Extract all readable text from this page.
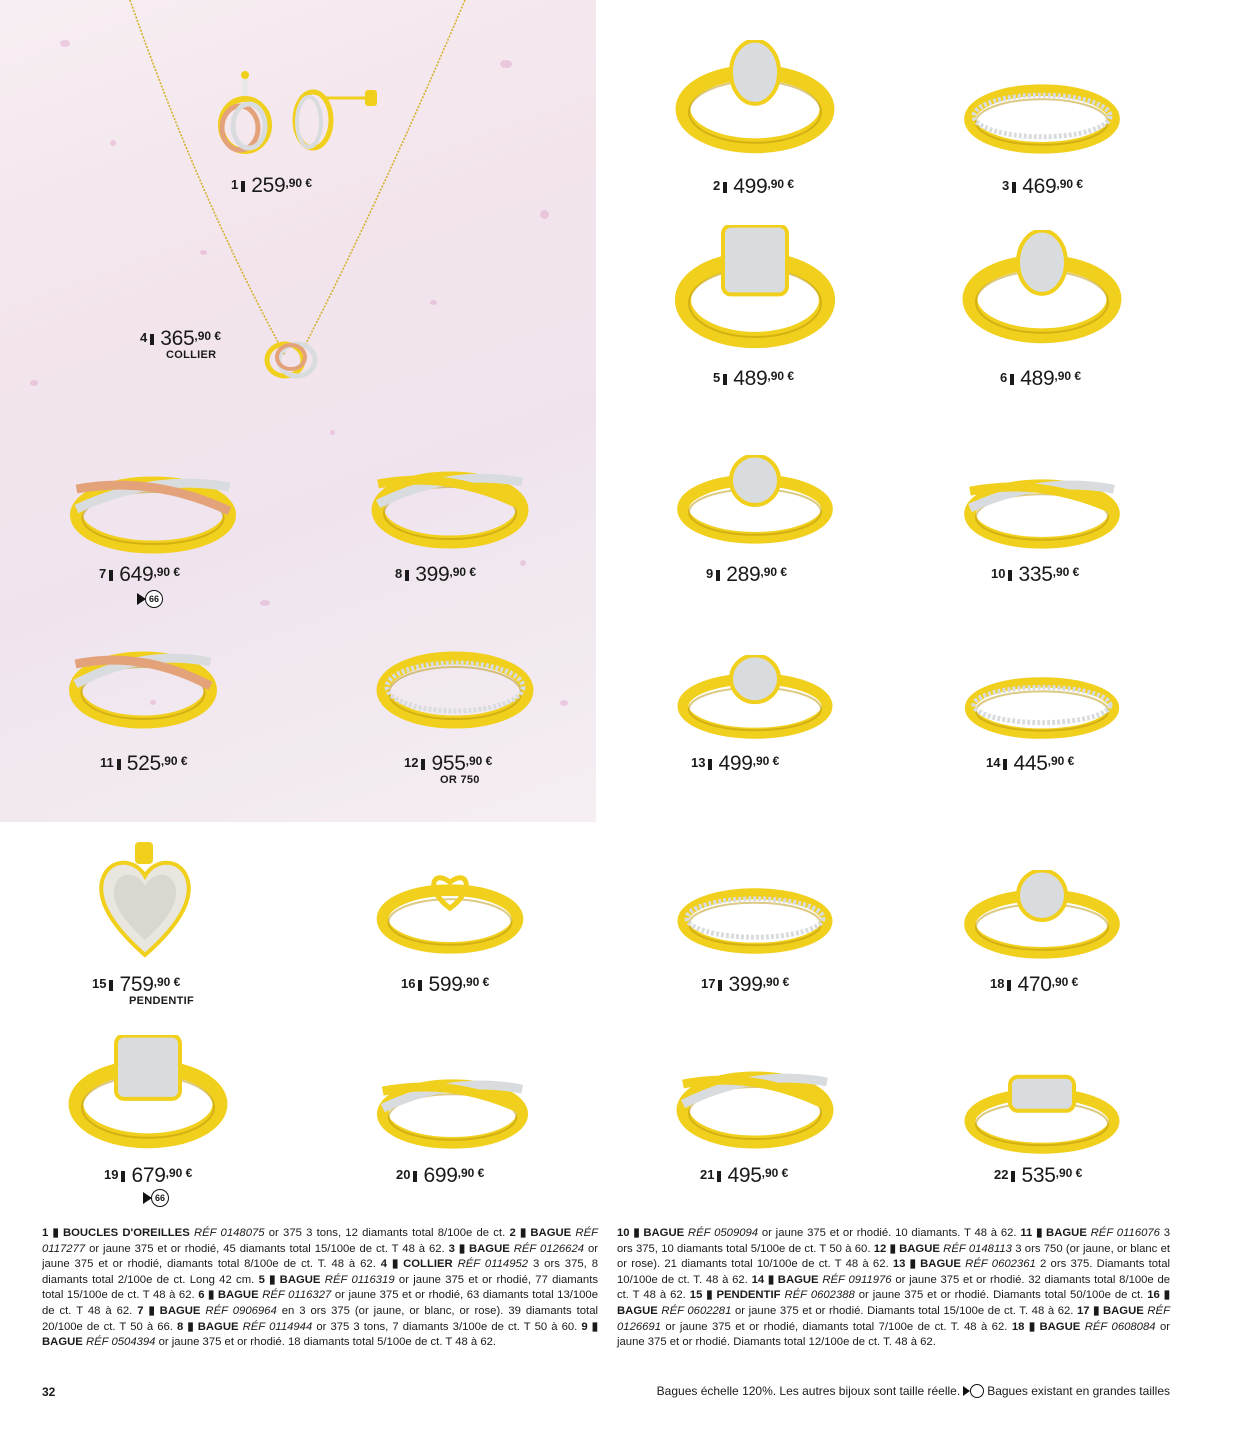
1 $259^{,90 €}$	2 $499^{,90 €}$	3 $469^{,90 €}$
4 $365^{,90 €}$
COLLIER
5 $489^{,90 €}$	6 $489^{,90 €}$
7 $649^{,90 €}$	8 $399^{,90 €}$	9 $289^{,90 €}$	10 $335^{,90 €}$
11 $525^{,90 €}$	12 $955^{,90 €}$
OR 750
13 $499^{,90 €}$	14 $445^{,90 €}$
15 $759^{,90 €}$
PENDENTIF
16 $599^{,90 €}$	17 $399^{,90 €}$	18 $470^{,90 €}$
19 $679^{,90 €}$	20 $699^{,90 €}$	21 $495^{,90 €}$	22 $535^{,90 €}$
66
66
1 ▮ BOUCLES D'OREILLES RÉF 0148075 or 375 3 tons, 12 diamants total 8/100e de ct. 2 ▮ BAGUE RÉF 0117277 or jaune 375 et or rhodié, 45 diamants total 15/100e de ct. T 48 à 62. 3 ▮ BAGUE RÉF 0126624 or jaune 375 et or rhodié, diamants total 8/100e de ct. T. 48 à 62. 4 ▮ COLLIER RÉF 0114952 3 ors 375, 8 diamants total 2/100e de ct. Long 42 cm. 5 ▮ BAGUE RÉF 0116319 or jaune 375 et or rhodié, 77 diamants total 15/100e de ct. T 48 à 62. 6 ▮ BAGUE RÉF 0116327 or jaune 375 et or rhodié, 63 diamants total 13/100e de ct. T 48 à 62. 7 ▮ BAGUE RÉF 0906964 en 3 ors 375 (or jaune, or blanc, or rose). 39 diamants total 20/100e de ct. T 50 à 66. 8 ▮ BAGUE RÉF 0114944 or 375 3 tons, 7 diamants 3/100e de ct. T 50 à 60. 9 ▮ BAGUE RÉF 0504394 or jaune 375 et or rhodié. 18 diamants total 5/100e de ct. T 48 à 62.
10 ▮ BAGUE RÉF 0509094 or jaune 375 et or rhodié. 10 diamants. T 48 à 62. 11 ▮ BAGUE RÉF 0116076 3 ors 375, 10 diamants total 5/100e de ct. T 50 à 60. 12 ▮ BAGUE RÉF 0148113 3 ors 750 (or jaune, or blanc et or rose). 21 diamants total 10/100e de ct. T 48 à 62. 13 ▮ BAGUE RÉF 0602361 2 ors 375. Diamants total 10/100e de ct. T. 48 à 62. 14 ▮ BAGUE RÉF 0911976 or jaune 375 et or rhodié. 32 diamants total 8/100e de ct. T 48 à 62. 15 ▮ PENDENTIF RÉF 0602388 or jaune 375 et or rhodié. Diamants total 50/100e de ct. 16 ▮ BAGUE RÉF 0602281 or jaune 375 et or rhodié. Diamants total 15/100e de ct. T. 48 à 62. 17 ▮ BAGUE RÉF 0126691 or jaune 375 et or rhodié, diamants total 7/100e de ct. T. 48 à 62. 18 ▮ BAGUE RÉF 0608084 or jaune 375 et or rhodié. Diamants total 12/100e de ct. T. 48 à 62.
32	Bagues échelle 120%. Les autres bijoux sont taille réelle. Bagues existant en grandes tailles
